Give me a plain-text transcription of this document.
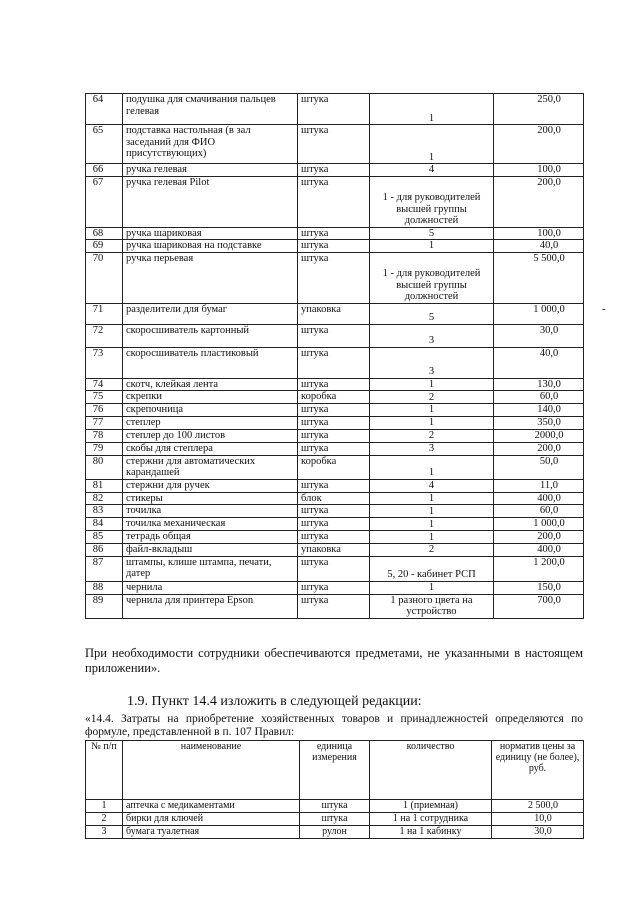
64	подушка для смачивания пальцев гелевая	штука	1	250,0
65	подставка настольная (в зал заседаний для ФИО присутствующих)	штука	1	200,0
66	ручка гелевая	штука	4	100,0
67	ручка гелевая Pilot	штука	1 - для руководителей высшей группы должностей	200,0
68	ручка шариковая	штука	5	100,0
69	ручка шариковая на подставке	штука	1	40,0
70	ручка перьевая	штука	1 - для руководителей высшей группы должностей	5 500,0
71	разделители для бумаг	упаковка	5	1 000,0
72	скоросшиватель картонный	штука	3	30,0
73	скоросшиватель пластиковый	штука	3	40,0
74	скотч, клейкая лента	штука	1	130,0
75	скрепки	коробка	2	60,0
76	скрепочница	штука	1	140,0
77	степлер	штука	1	350,0
78	степлер до 100 листов	штука	2	2000,0
79	скобы для степлера	штука	3	200,0
80	стержни для автоматических карандашей	коробка	1	50,0
81	стержни для ручек	штука	4	11,0
82	стикеры	блок	1	400,0
83	точилка	штука	1	60,0
84	точилка механическая	штука	1	1 000,0
85	тетрадь общая	штука	1	200,0
86	файл-вкладыш	упаковка	2	400,0
87	штампы, клише штампа, печати, датер	штука	5, 20 - кабинет РСП	1 200,0
88	чернила	штука	1	150,0
89	чернила для принтера Epson	штука	1 разного цвета на устройство	700,0
При необходимости сотрудники обеспечиваются предметами, не указанными в настоящем приложении».
1.9. Пункт 14.4 изложить в следующей редакции:
«14.4. Затраты на приобретение хозяйственных товаров и принадлежностей определяются по формуле, представленной в п. 107 Правил:
№ п/п	наименование	единица измерения	количество	норматив цены за единицу (не более), руб.
1	аптечка с медикаментами	штука	1 (приемная)	2 500,0
2	бирки для ключей	штука	1 на 1 сотрудника	10,0
3	бумага туалетная	рулон	1 на 1 кабинку	30,0
-
